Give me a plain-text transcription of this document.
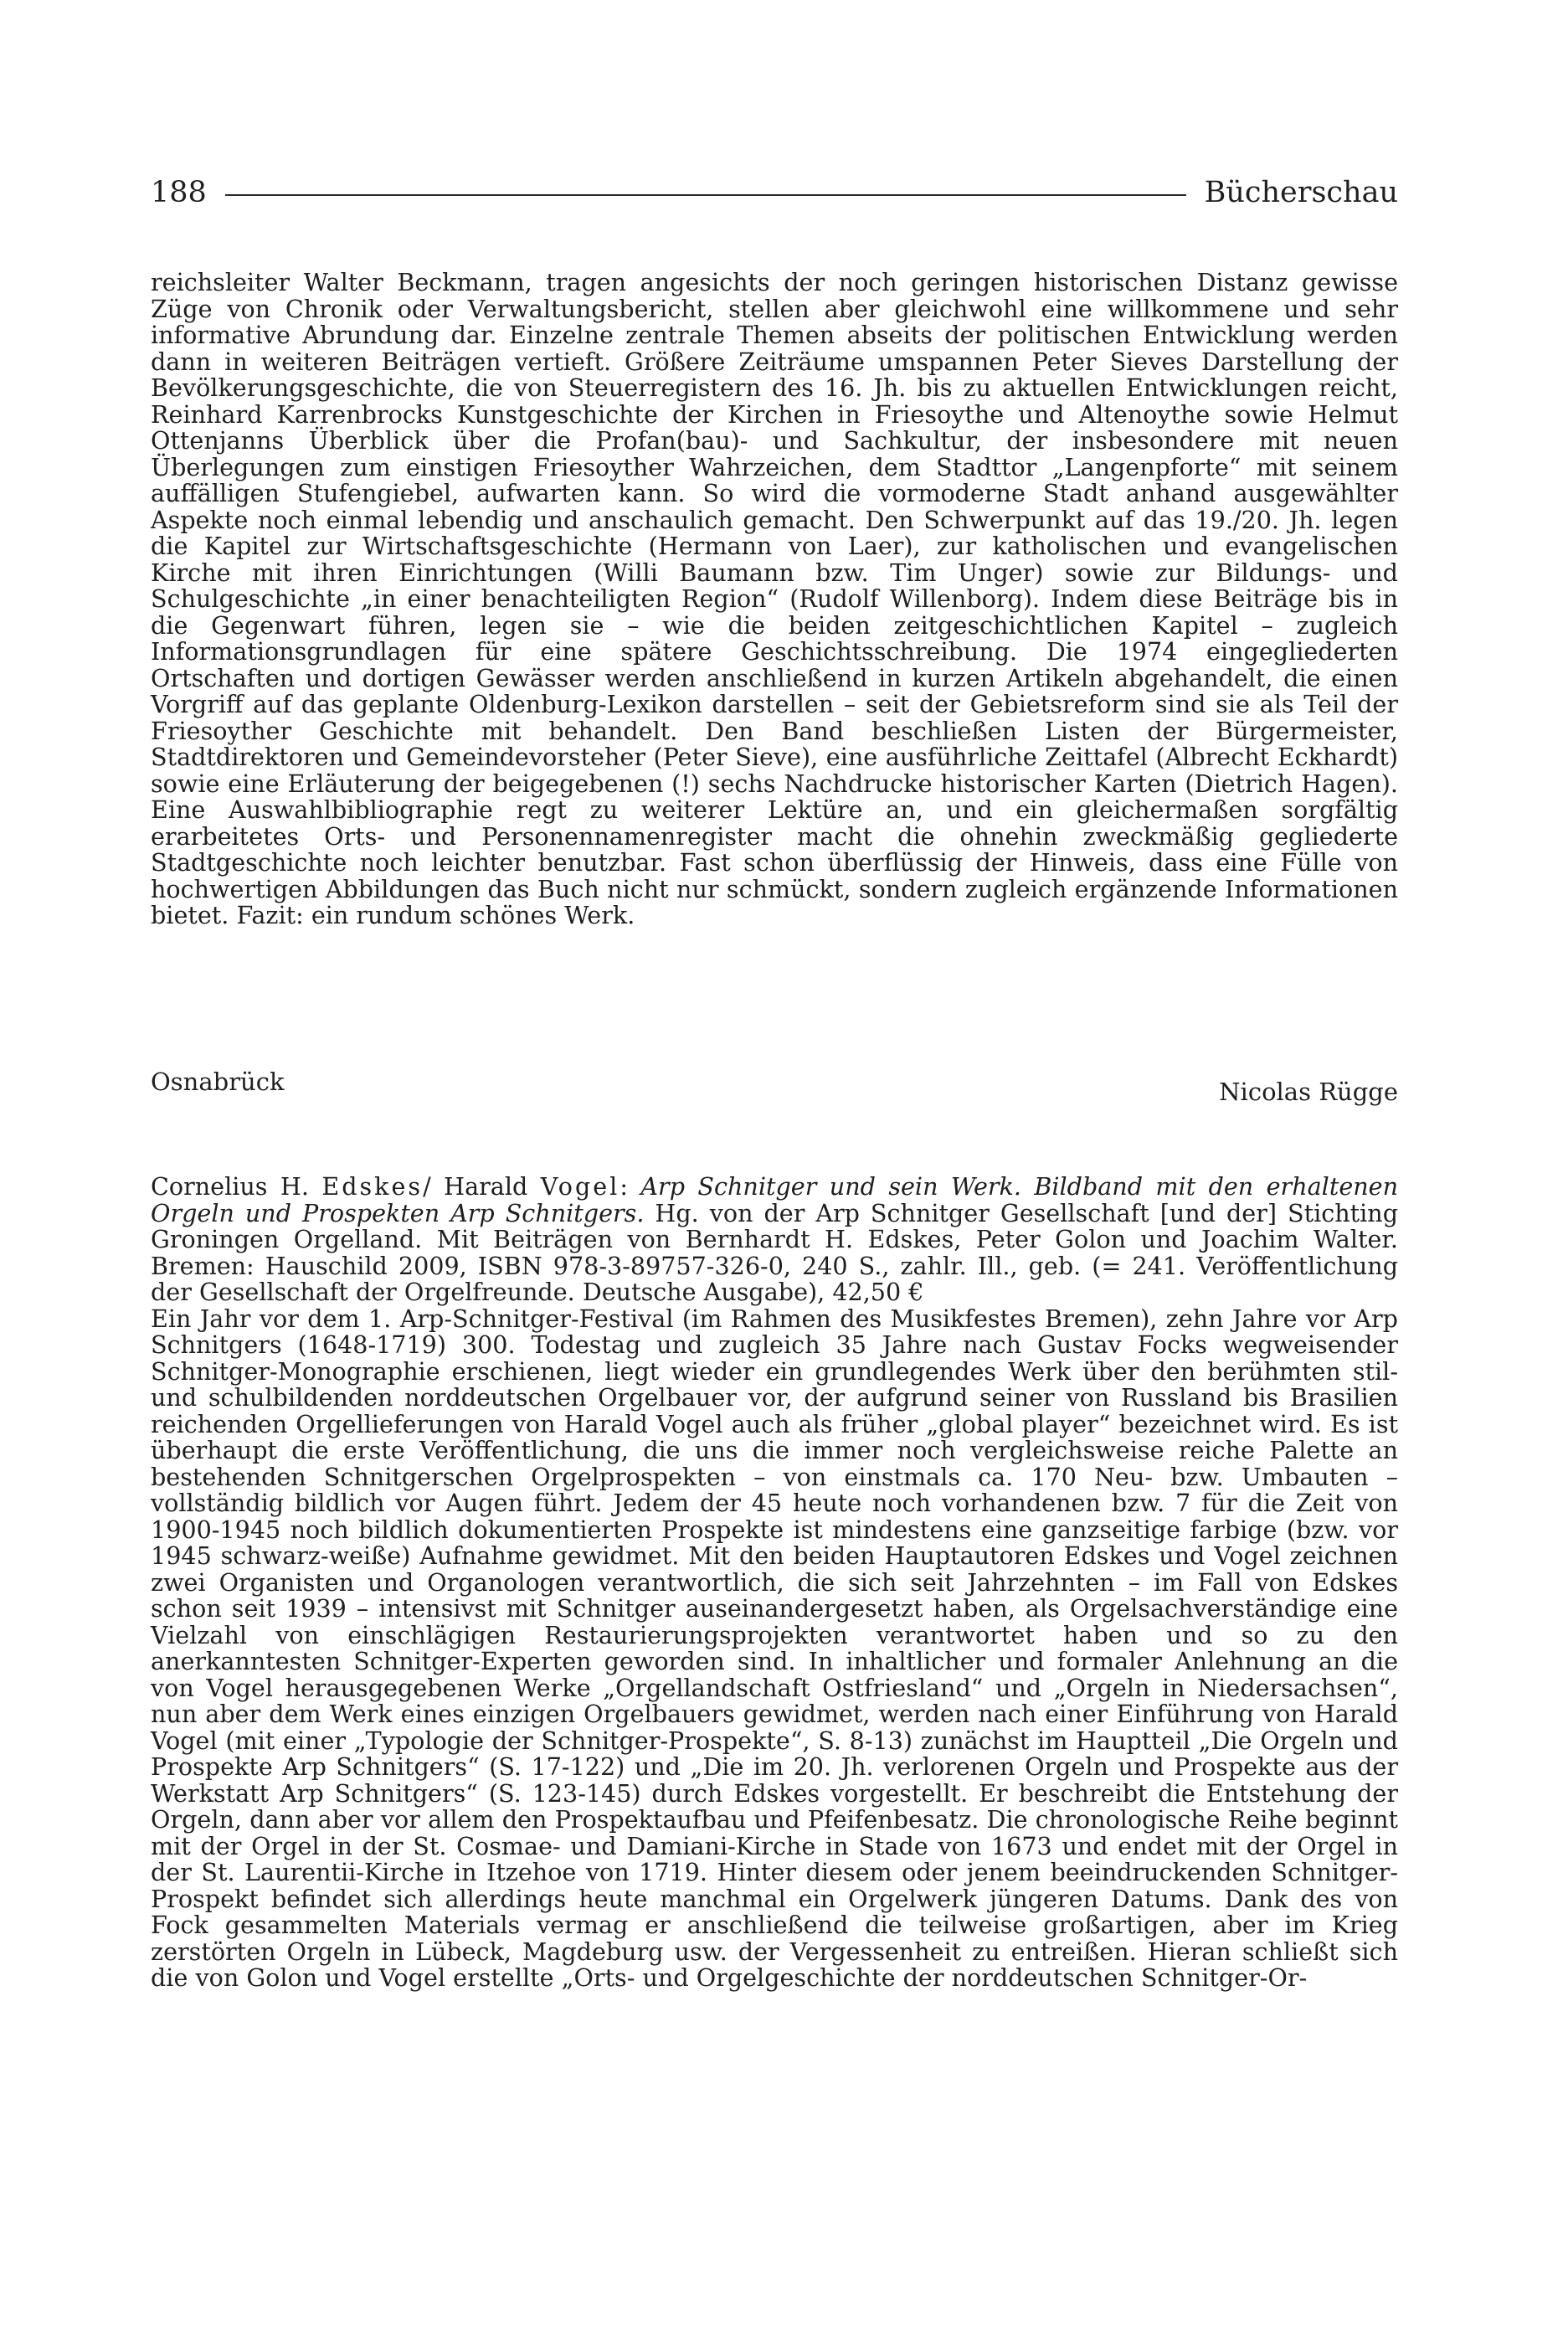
188	Bücherschau

reichsleiter Walter Beckmann, tragen angesichts der noch geringen historischen Distanz gewisse Züge von Chronik oder Verwaltungsbericht, stellen aber gleichwohl eine willkommene und sehr informative Abrundung dar. Einzelne zentrale Themen abseits der politischen Entwicklung werden dann in weiteren Beiträgen vertieft. Größere Zeiträume umspannen Peter Sieves Darstellung der Bevölkerungsgeschichte, die von Steuerregistern des 16. Jh. bis zu aktuellen Entwicklungen reicht, Reinhard Karrenbrocks Kunstgeschichte der Kirchen in Friesoythe und Altenoythe sowie Helmut Ottenjanns Überblick über die Profan(bau)- und Sachkultur, der insbesondere mit neuen Überlegungen zum einstigen Friesoyther Wahrzeichen, dem Stadttor „Langenpforte“ mit seinem auffälligen Stufengiebel, aufwarten kann. So wird die vormoderne Stadt anhand ausgewählter Aspekte noch einmal lebendig und anschaulich gemacht. Den Schwerpunkt auf das 19./20. Jh. legen die Kapitel zur Wirtschaftsgeschichte (Hermann von Laer), zur katholischen und evangelischen Kirche mit ihren Einrichtungen (Willi Baumann bzw. Tim Unger) sowie zur Bildungs- und Schulgeschichte „in einer benachteiligten Region“ (Rudolf Willenborg). Indem diese Beiträge bis in die Gegenwart führen, legen sie – wie die beiden zeitgeschichtlichen Kapitel – zugleich Informationsgrundlagen für eine spätere Geschichtsschreibung. Die 1974 eingegliederten Ortschaften und dortigen Gewässer werden anschließend in kurzen Artikeln abgehandelt, die einen Vorgriff auf das geplante Oldenburg-Lexikon darstellen – seit der Gebietsreform sind sie als Teil der Friesoyther Geschichte mit behandelt. Den Band beschließen Listen der Bürgermeister, Stadtdirektoren und Gemeindevorsteher (Peter Sieve), eine ausführliche Zeittafel (Albrecht Eckhardt) sowie eine Erläuterung der beigegebenen (!) sechs Nachdrucke historischer Karten (Dietrich Hagen). Eine Auswahlbibliographie regt zu weiterer Lektüre an, und ein gleichermaßen sorgfältig erarbeitetes Orts- und Personennamenregister macht die ohnehin zweckmäßig gegliederte Stadtgeschichte noch leichter benutzbar. Fast schon überflüssig der Hinweis, dass eine Fülle von hochwertigen Abbildungen das Buch nicht nur schmückt, sondern zugleich ergänzende Informationen bietet. Fazit: ein rundum schönes Werk.

Osnabrück	Nicolas Rügge

Cornelius H. Edskes/ Harald Vogel: Arp Schnitger und sein Werk. Bildband mit den erhaltenen Orgeln und Prospekten Arp Schnitgers. Hg. von der Arp Schnitger Gesellschaft [und der] Stichting Groningen Orgelland. Mit Beiträgen von Bernhardt H. Edskes, Peter Golon und Joachim Walter. Bremen: Hauschild 2009, ISBN 978-3-89757-326-0, 240 S., zahlr. Ill., geb. (= 241. Veröffentlichung der Gesellschaft der Orgelfreunde. Deutsche Ausgabe), 42,50 €

Ein Jahr vor dem 1. Arp-Schnitger-Festival (im Rahmen des Musikfestes Bremen), zehn Jahre vor Arp Schnitgers (1648-1719) 300. Todestag und zugleich 35 Jahre nach Gustav Focks wegweisender Schnitger-Monographie erschienen, liegt wieder ein grundlegendes Werk über den berühmten stil- und schulbildenden norddeutschen Orgelbauer vor, der aufgrund seiner von Russland bis Brasilien reichenden Orgellieferungen von Harald Vogel auch als früher „global player“ bezeichnet wird. Es ist überhaupt die erste Veröffentlichung, die uns die immer noch vergleichsweise reiche Palette an bestehenden Schnitgerschen Orgelprospekten – von einstmals ca. 170 Neu- bzw. Umbauten – vollständig bildlich vor Augen führt. Jedem der 45 heute noch vorhandenen bzw. 7 für die Zeit von 1900-1945 noch bildlich dokumentierten Prospekte ist mindestens eine ganzseitige farbige (bzw. vor 1945 schwarz-weiße) Aufnahme gewidmet. Mit den beiden Hauptautoren Edskes und Vogel zeichnen zwei Organisten und Organologen verantwortlich, die sich seit Jahrzehnten – im Fall von Edskes schon seit 1939 – intensivst mit Schnitger auseinandergesetzt haben, als Orgelsachverständige eine Vielzahl von einschlägigen Restaurierungsprojekten verantwortet haben und so zu den anerkanntesten Schnitger-Experten geworden sind. In inhaltlicher und formaler Anlehnung an die von Vogel herausgegebenen Werke „Orgellandschaft Ostfriesland“ und „Orgeln in Niedersachsen“, nun aber dem Werk eines einzigen Orgelbauers gewidmet, werden nach einer Einführung von Harald Vogel (mit einer „Typologie der Schnitger-Prospekte“, S. 8-13) zunächst im Hauptteil „Die Orgeln und Prospekte Arp Schnitgers“ (S. 17-122) und „Die im 20. Jh. verlorenen Orgeln und Prospekte aus der Werkstatt Arp Schnitgers“ (S. 123-145) durch Edskes vorgestellt. Er beschreibt die Entstehung der Orgeln, dann aber vor allem den Prospektaufbau und Pfeifenbesatz. Die chronologische Reihe beginnt mit der Orgel in der St. Cosmae- und Damiani-Kirche in Stade von 1673 und endet mit der Orgel in der St. Laurentii-Kirche in Itzehoe von 1719. Hinter diesem oder jenem beeindruckenden Schnitger-Prospekt befindet sich allerdings heute manchmal ein Orgelwerk jüngeren Datums. Dank des von Fock gesammelten Materials vermag er anschließend die teilweise großartigen, aber im Krieg zerstörten Orgeln in Lübeck, Magdeburg usw. der Vergessenheit zu entreißen. Hieran schließt sich die von Golon und Vogel erstellte „Orts- und Orgelgeschichte der norddeutschen Schnitger-Or-
